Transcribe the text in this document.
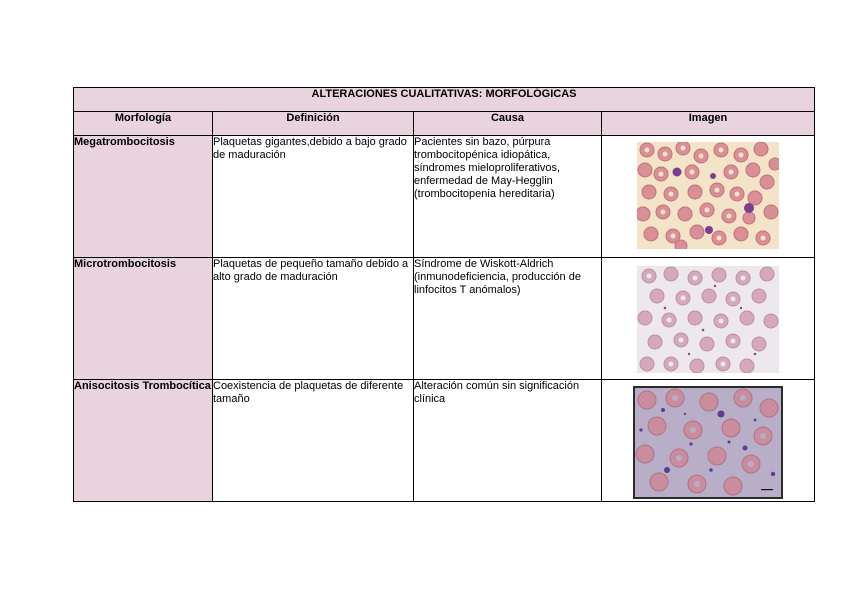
ALTERACIONES CUALITATIVAS: MORFOLÓGICAS			
Morfología	Definición	Causa	Imagen
Megatrombocitosis	Plaquetas gigantes,debido a bajo grado de maduración	Pacientes sin bazo, púrpura trombocitopénica idiopática, síndromes mieloproliferativos, enfermedad de May-Hegglin (trombocitopenia hereditaria)	

Microtrombocitosis	Plaquetas de pequeño tamaño debido a alto grado de maduración	Síndrome de Wiskott-Aldrich (inmunodeficiencia, producción de linfocitos T anómalos)	

Anisocitosis Trombocítica	Coexistencia de plaquetas de diferente tamaño	Alteración común sin significación clínica	
